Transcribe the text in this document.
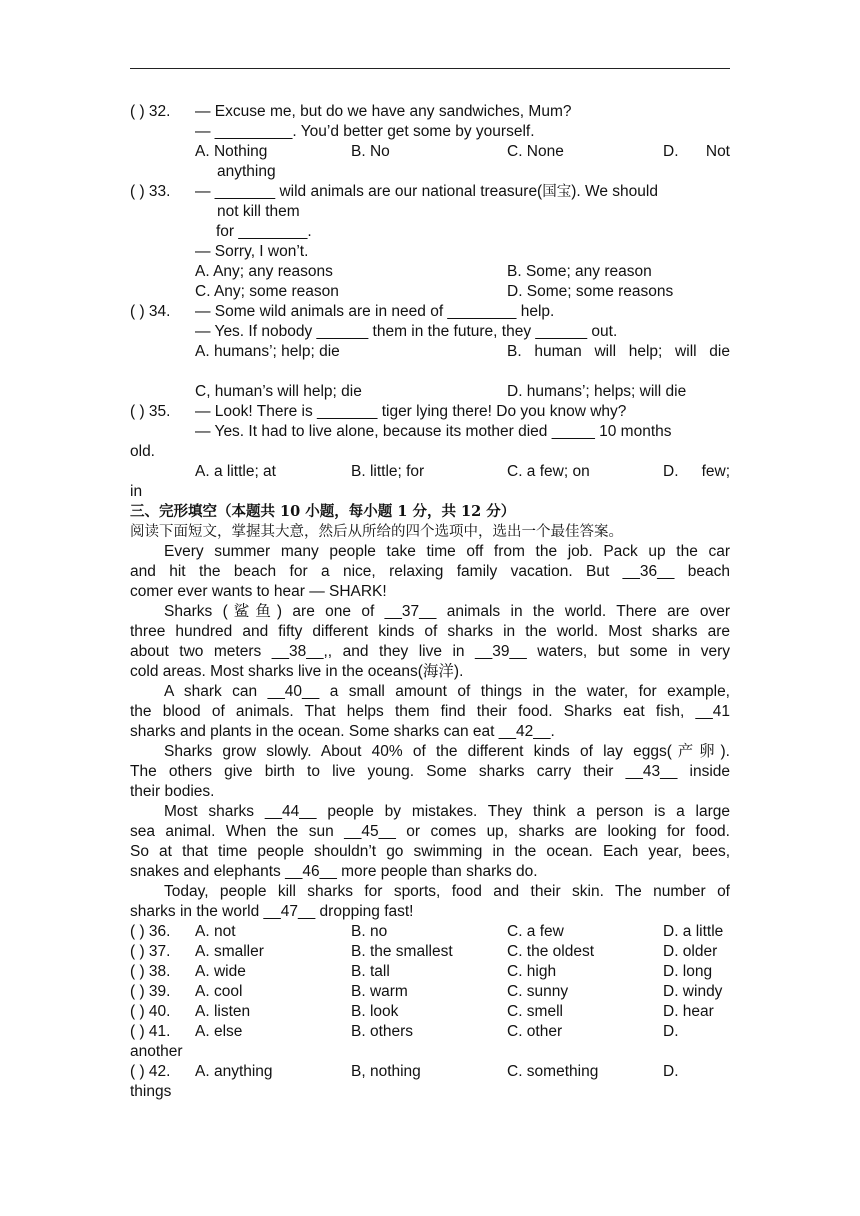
( ) 32. — Excuse me, but do we have any sandwiches, Mum?
— _________. You’d better get some by yourself.
A. Nothing	B. No	C. None	D. Not
anything
( ) 33. — _______ wild animals are our national treasure(国宝). We should
not kill them
for ________.
— Sorry, I won’t.
A. Any; any reasons	B. Some; any reason
C. Any; some reason	D. Some; some reasons
( ) 34. — Some wild animals are in need of ________ help.
— Yes. If nobody ______ them in the future, they ______ out.
A. humans’; help; die	B. human will help; will die
C, human’s will help; die	D. humans’; helps; will die
( ) 35. — Look! There is _______ tiger lying there! Do you know why?
— Yes. It had to live alone, because its mother died _____ 10 months
old.
A. a little; at	B. little; for	C. a few; on	D. few;
in
三、完形填空（本题共 10 小题，每小题 1 分，共 12 分）
阅读下面短文，掌握其大意，然后从所给的四个选项中，选出一个最佳答案。
Every summer many people take time off from the job. Pack up the car
and hit the beach for a nice, relaxing family vacation. But __36__ beach
comer ever wants to hear — SHARK!
Sharks (鲨鱼) are one of __37__ animals in the world. There are over
three hundred and fifty different kinds of sharks in the world. Most sharks are
about two meters __38__,, and they live in __39__ waters, but some in very
cold areas. Most sharks live in the oceans(海洋).
A shark can __40__ a small amount of things in the water, for example,
the blood of animals. That helps them find their food. Sharks eat fish, __41
sharks and plants in the ocean. Some sharks can eat __42__.
Sharks grow slowly. About 40% of the different kinds of lay eggs(产卵).
The others give birth to live young. Some sharks carry their __43__ inside
their bodies.
Most sharks __44__ people by mistakes. They think a person is a large
sea animal. When the sun __45__ or comes up, sharks are looking for food.
So at that time people shouldn’t go swimming in the ocean. Each year, bees,
snakes and elephants __46__ more people than sharks do.
Today, people kill sharks for sports, food and their skin. The number of
sharks in the world __47__ dropping fast!
( ) 36.	A. not	B. no	C. a few	D. a little
( ) 37.	A. smaller	B. the smallest	C. the oldest	D. older
( ) 38.	A. wide	B. tall	C. high	D. long
( ) 39.	A. cool	B. warm	C. sunny	D. windy
( ) 40.	A. listen	B. look	C. smell	D. hear
( ) 41.	A. else	B. others	C. other	D.
another
( ) 42.	A. anything	B, nothing	C. something	D.
things
